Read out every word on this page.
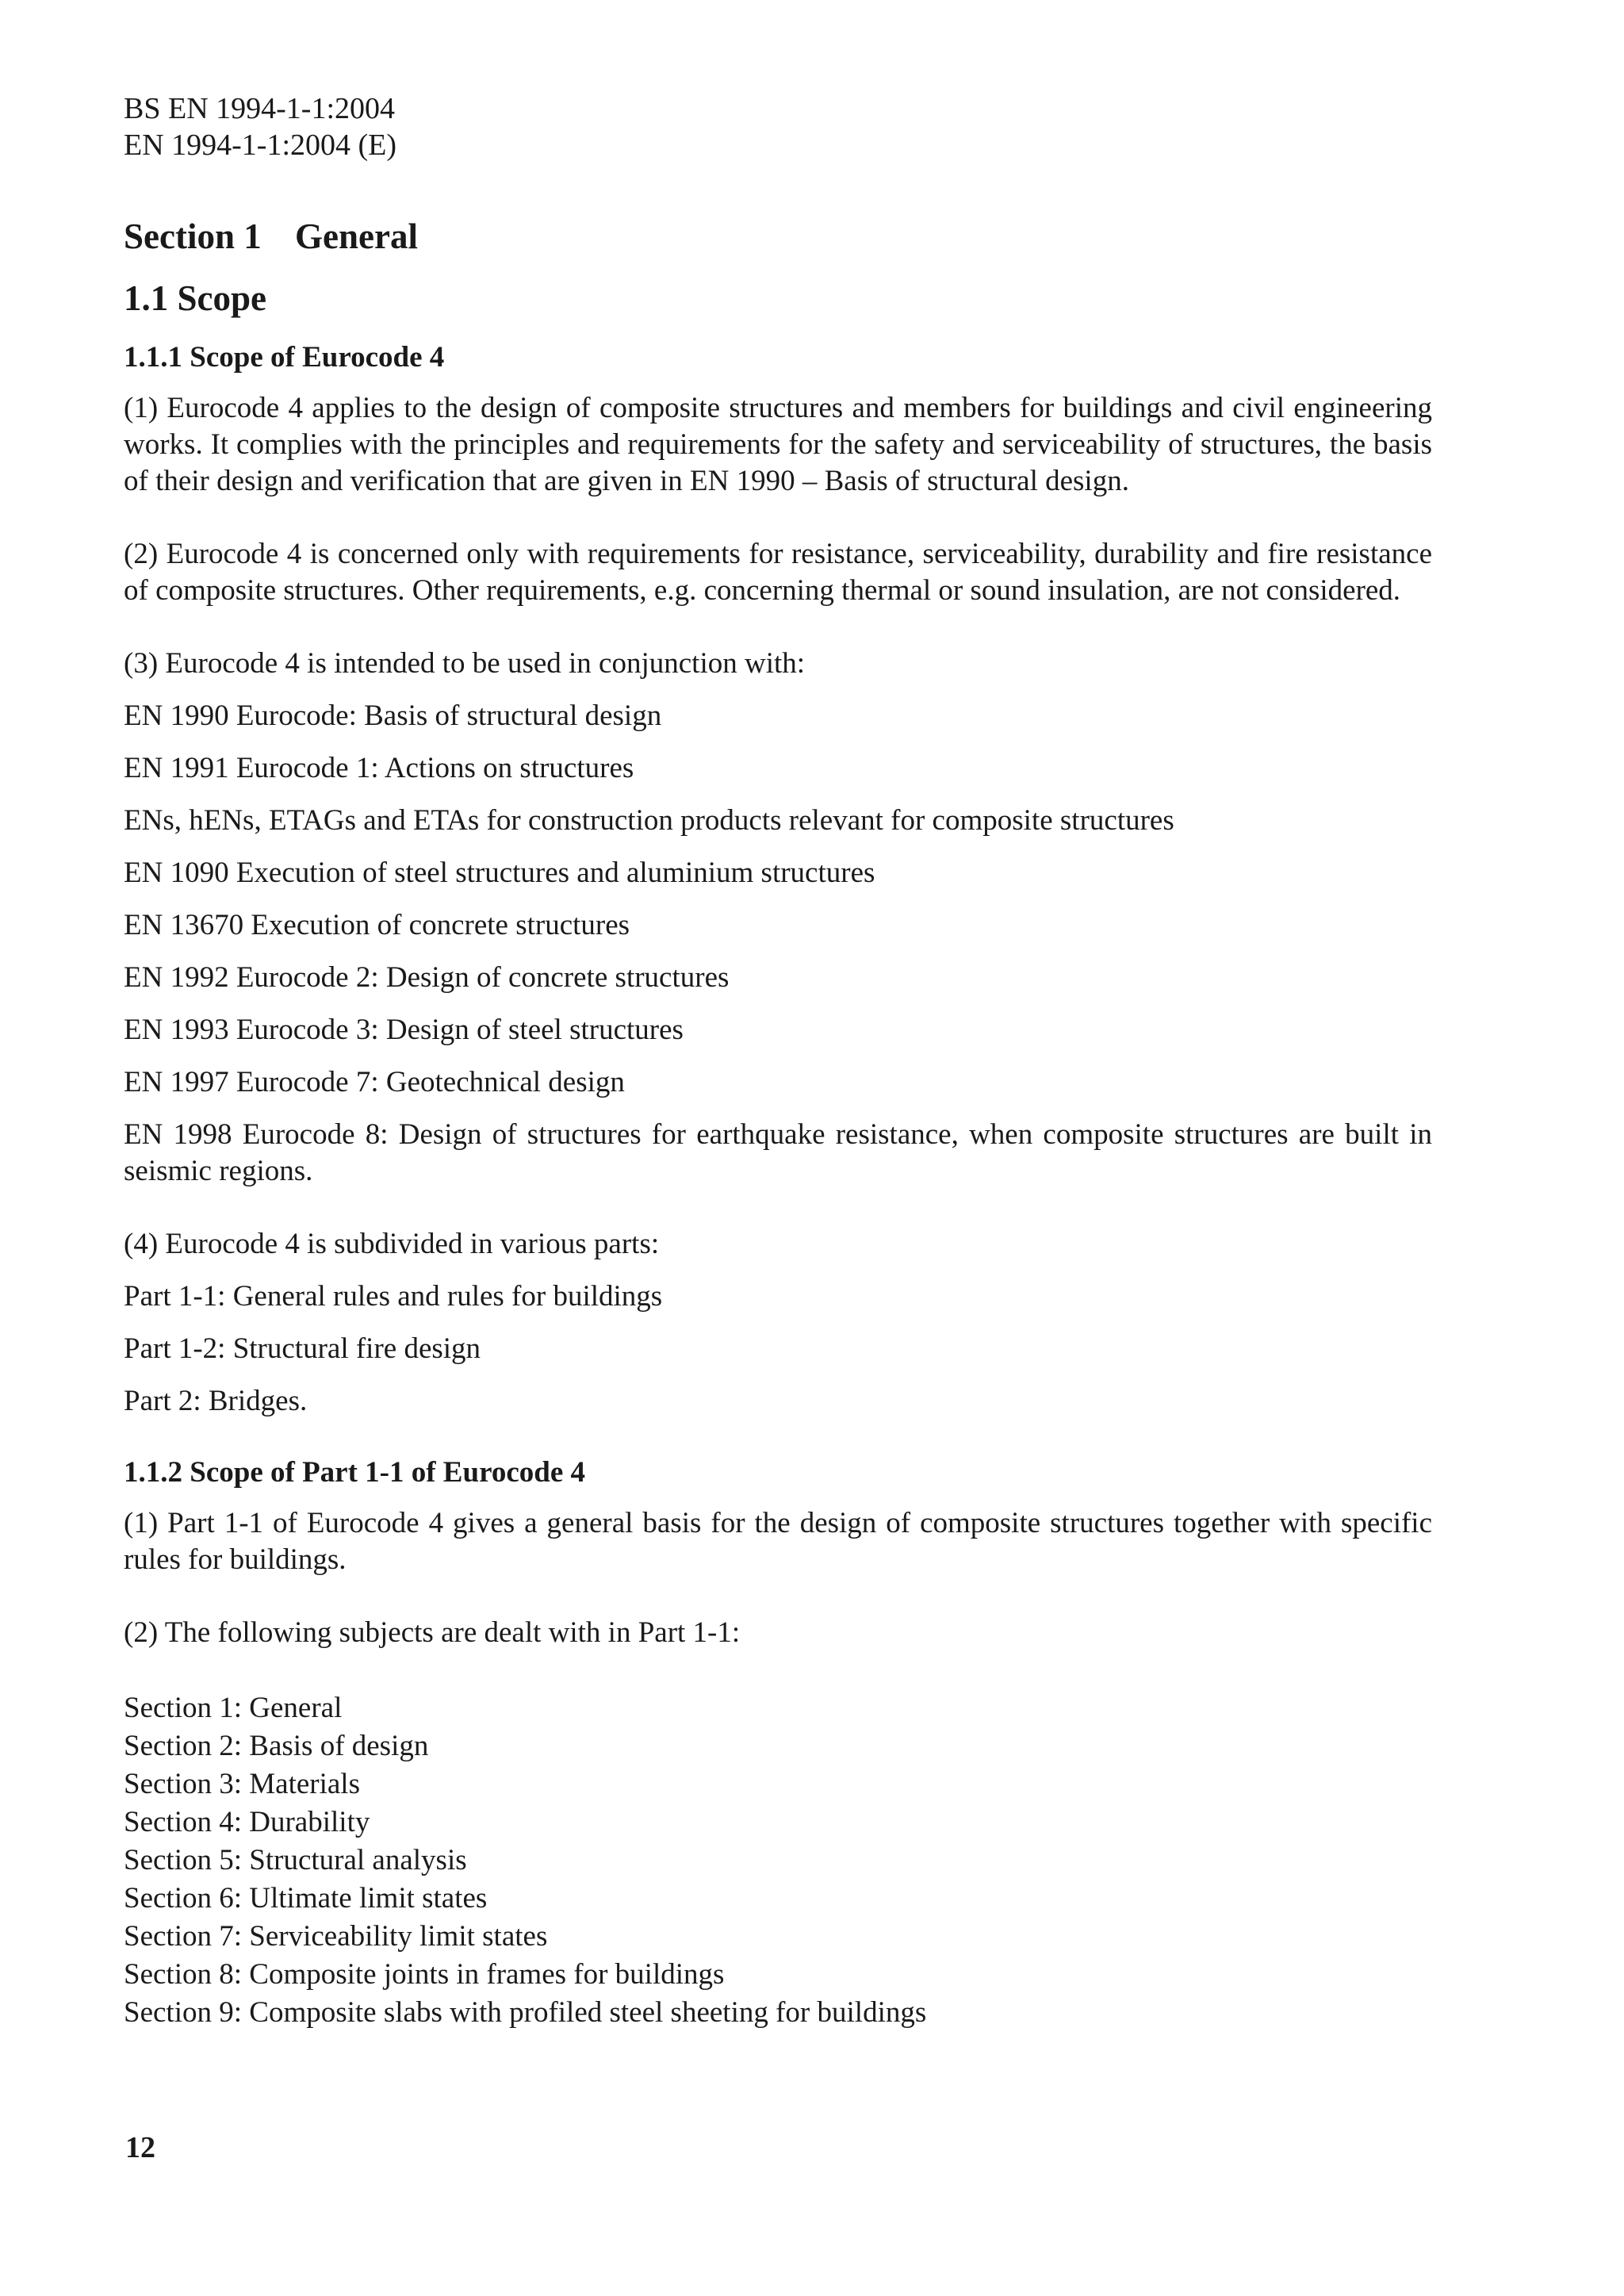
BS EN 1994-1-1:2004
EN 1994-1-1:2004 (E)
Section 1 General
1.1 Scope
1.1.1 Scope of Eurocode 4

(1) Eurocode 4 applies to the design of composite structures and members for buildings and civil engineering works. It complies with the principles and requirements for the safety and serviceability of structures, the basis of their design and verification that are given in EN 1990 – Basis of structural design.

(2) Eurocode 4 is concerned only with requirements for resistance, serviceability, durability and fire resistance of composite structures. Other requirements, e.g. concerning thermal or sound insulation, are not considered.

(3) Eurocode 4 is intended to be used in conjunction with:

EN 1990 Eurocode: Basis of structural design
EN 1991 Eurocode 1: Actions on structures
ENs, hENs, ETAGs and ETAs for construction products relevant for composite structures
EN 1090 Execution of steel structures and aluminium structures
EN 13670 Execution of concrete structures
EN 1992 Eurocode 2: Design of concrete structures
EN 1993 Eurocode 3: Design of steel structures
EN 1997 Eurocode 7: Geotechnical design

EN 1998 Eurocode 8: Design of structures for earthquake resistance, when composite structures are built in seismic regions.

(4) Eurocode 4 is subdivided in various parts:

Part 1-1: General rules and rules for buildings
Part 1-2: Structural fire design
Part 2: Bridges.
1.1.2 Scope of Part 1-1 of Eurocode 4

(1) Part 1-1 of Eurocode 4 gives a general basis for the design of composite structures together with specific rules for buildings.

(2) The following subjects are dealt with in Part 1-1:

Section 1: General
Section 2: Basis of design
Section 3: Materials
Section 4: Durability
Section 5: Structural analysis
Section 6: Ultimate limit states
Section 7: Serviceability limit states
Section 8: Composite joints in frames for buildings
Section 9: Composite slabs with profiled steel sheeting for buildings
12
